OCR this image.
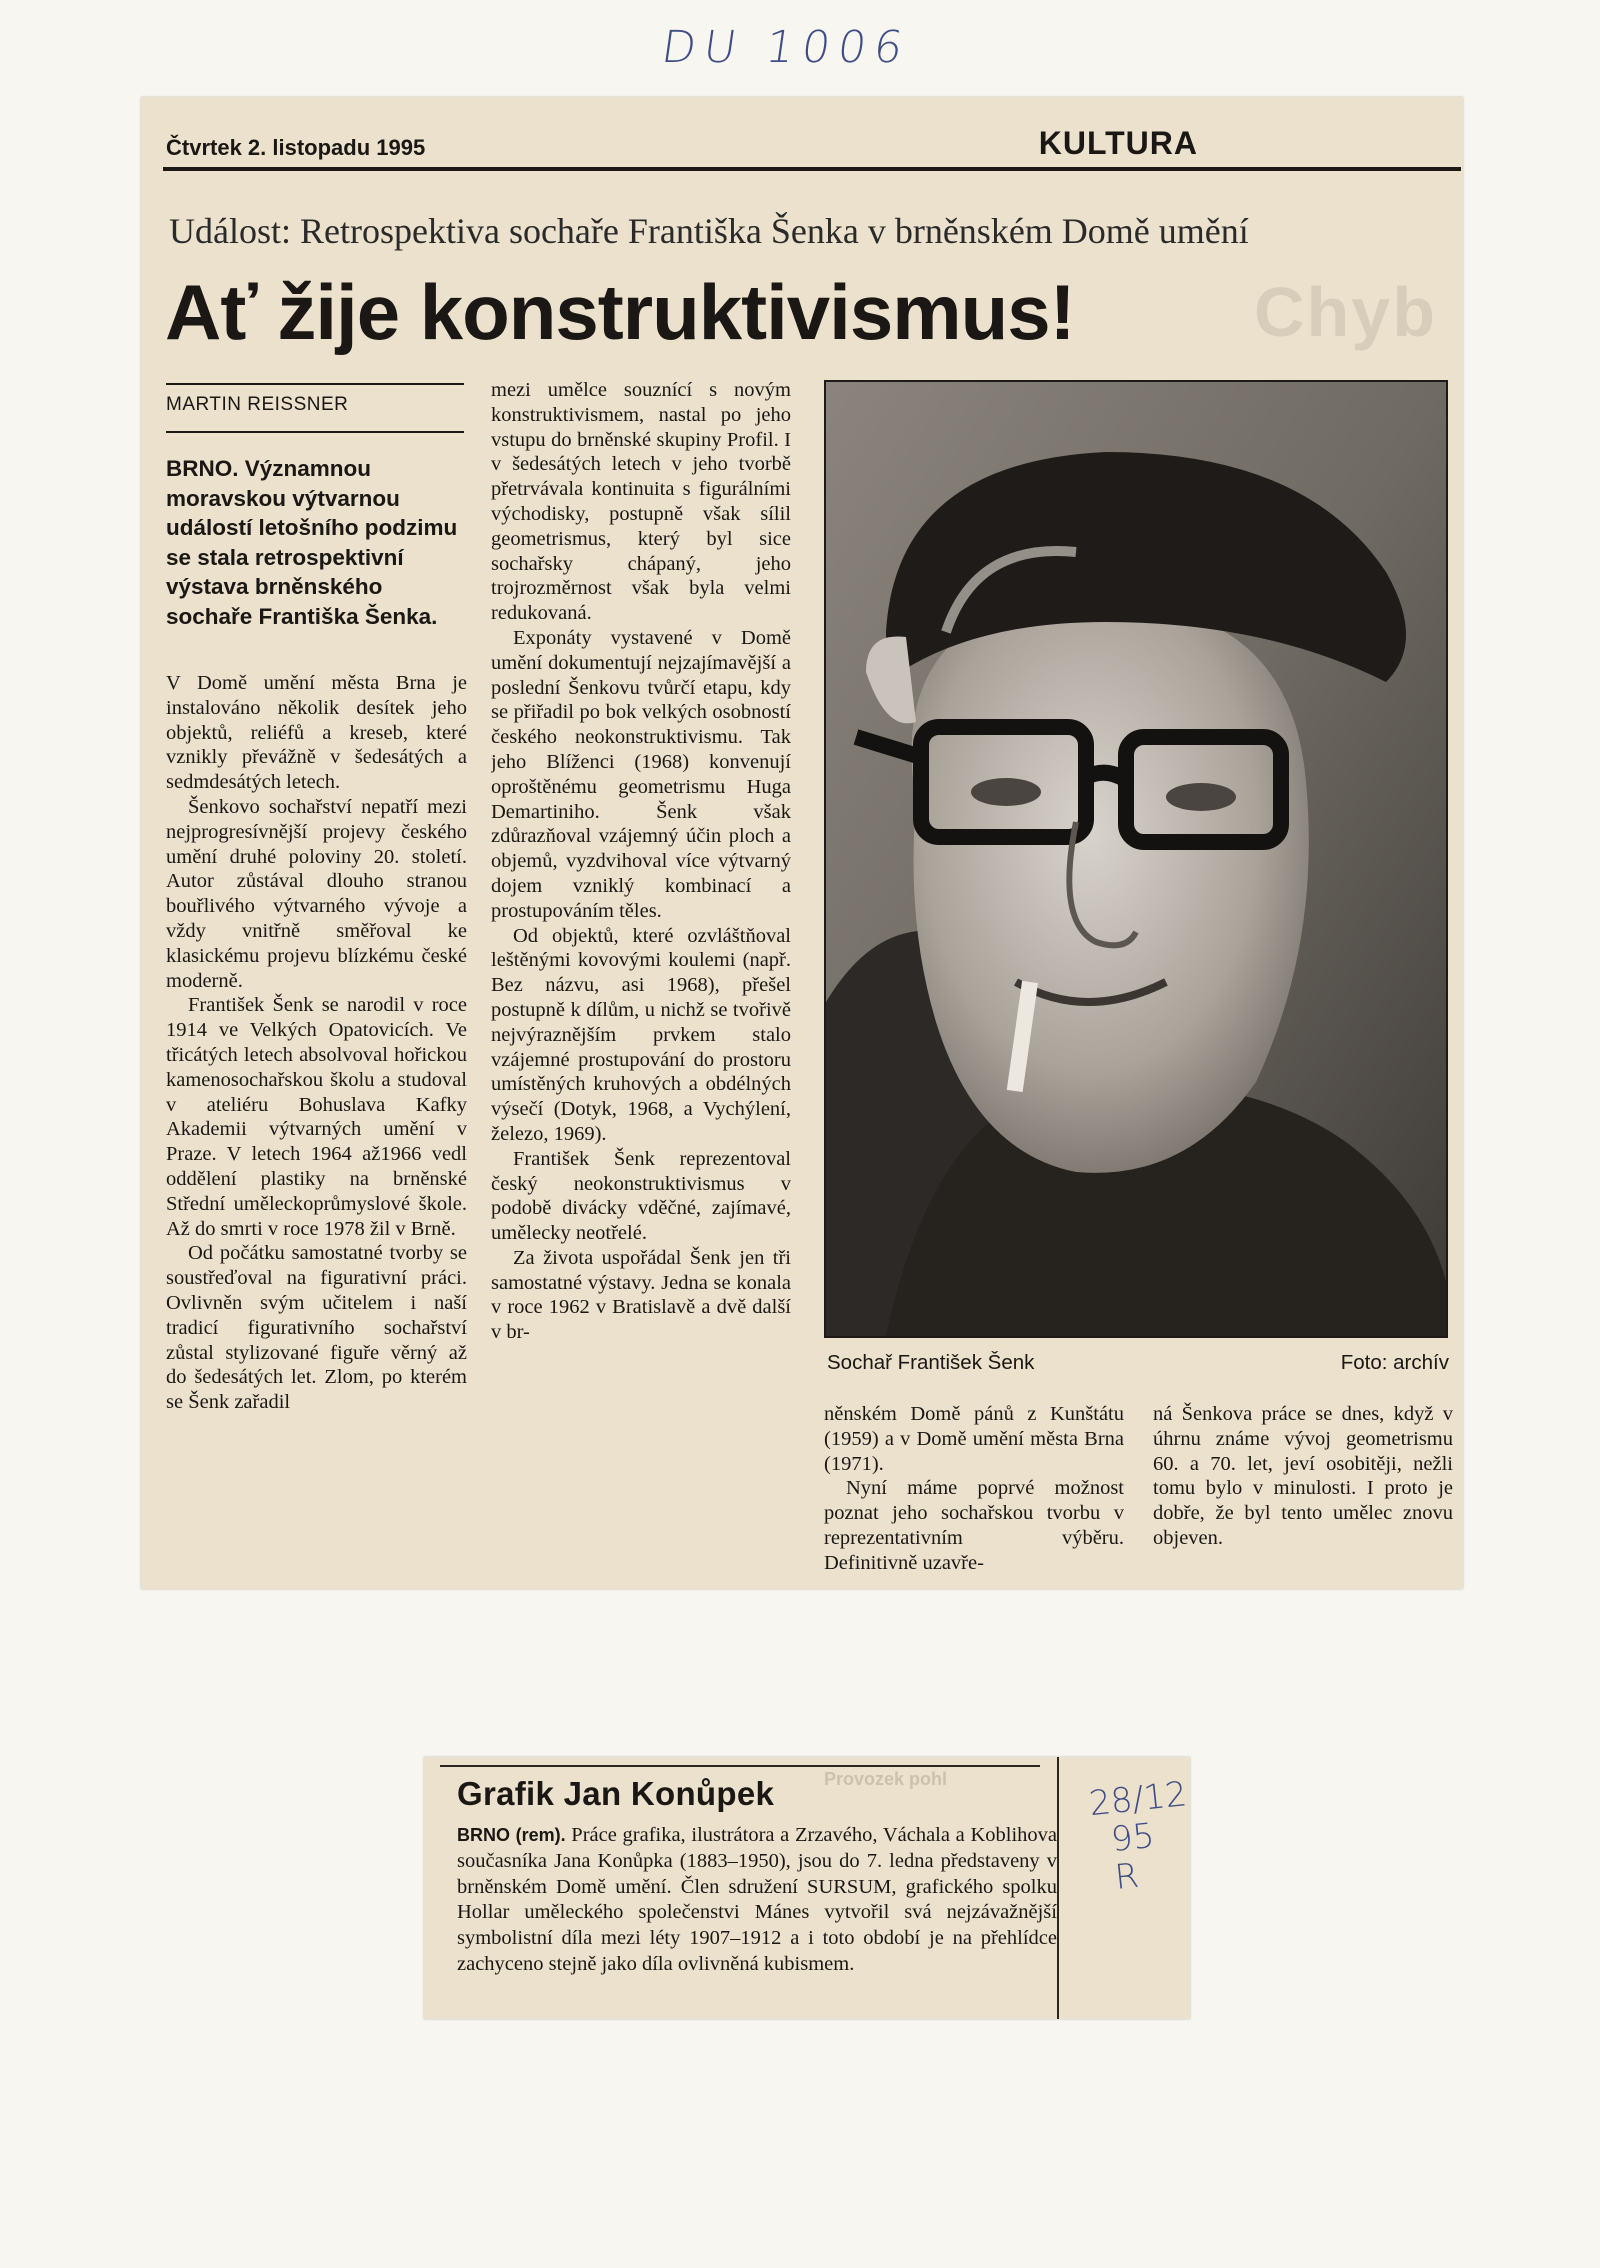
DU 1006
Čtvrtek 2. listopadu 1995	KULTURA
Událost: Retrospektiva sochaře Františka Šenka v brněnském Domě umění
Chyb
Ať žije konstruktivismus!
MARTIN REISSNER
BRNO. Významnou moravskou výtvarnou událostí letošního podzimu se stala retrospektivní výstava brněnského sochaře Františka Šenka.

V Domě umění města Brna je instalováno několik desítek jeho objektů, reliéfů a kreseb, které vznikly převážně v šedesátých a sedmdesátých letech.

Šenkovo sochařství nepatří mezi nejprogresívnější projevy českého umění druhé poloviny 20. století. Autor zůstával dlouho stranou bouřlivého výtvarného vývoje a vždy vnitřně směřoval ke klasickému projevu blízkému české moderně.

František Šenk se narodil v roce 1914 ve Velkých Opatovicích. Ve třicátých letech absolvoval hořickou kamenosochařskou školu a studoval v ateliéru Bohuslava Kafky Akademii výtvarných umění v Praze. V letech 1964 až1966 vedl oddělení plastiky na brněnské Střední uměleckoprůmyslové škole. Až do smrti v roce 1978 žil v Brně.

Od počátku samostatné tvorby se soustřeďoval na figurativní práci. Ovlivněn svým učitelem i naší tradicí figurativního sochařství zůstal stylizované figuře věrný až do šedesátých let. Zlom, po kterém se Šenk zařadil

mezi umělce souznící s novým konstruktivismem, nastal po jeho vstupu do brněnské skupiny Profil. I v šedesátých letech v jeho tvorbě přetrvávala kontinuita s figurálními východisky, postupně však sílil geometrismus, který byl sice sochařsky chápaný, jeho trojrozměrnost však byla velmi redukovaná.

Exponáty vystavené v Domě umění dokumentují nejzajímavější a poslední Šenkovu tvůrčí etapu, kdy se přiřadil po bok velkých osobností českého neokonstruktivismu. Tak jeho Blíženci (1968) konvenují oproštěnému geometrismu Huga Demartiniho. Šenk však zdůrazňoval vzájemný účin ploch a objemů, vyzdvihoval více výtvarný dojem vzniklý kombinací a prostupováním těles.

Od objektů, které ozvláštňoval leštěnými kovovými koulemi (např. Bez názvu, asi 1968), přešel postupně k dílům, u nichž se tvořivě nejvýraznějším prvkem stalo vzájemné prostupování do prostoru umístěných kruhových a obdélných výsečí (Dotyk, 1968, a Vychýlení, železo, 1969).

František Šenk reprezentoval český neokonstruktivismus v podobě divácky vděčné, zajímavé, umělecky neotřelé.

Za života uspořádal Šenk jen tři samostatné výstavy. Jedna se konala v roce 1962 v Bratislavě a dvě další v br-

Sochař František Šenk	Foto: archív

něnském Domě pánů z Kunštátu (1959) a v Domě umění města Brna (1971).

Nyní máme poprvé možnost poznat jeho sochařskou tvorbu v reprezentativním výběru. Definitivně uzavře-

ná Šenkova práce se dnes, když v úhrnu známe vývoj geometrismu 60. a 70. let, jeví osobitěji, nežli tomu bylo v minulosti. I proto je dobře, že byl tento umělec znovu objeven.

Provozek pohl
Grafik Jan Konůpek
BRNO (rem). Práce grafika, ilustrátora a Zrzavého, Váchala a Koblihova současníka Jana Konůpka (1883–1950), jsou do 7. ledna představeny v brněnském Domě umění. Člen sdružení SURSUM, grafického spolku Hollar uměleckého společenstvi Mánes vytvořil svá nejzávažnější symbolistní díla mezi léty 1907–1912 a i toto období je na přehlídce zachyceno stejně jako díla ovlivněná kubismem.
28/12
95
R
